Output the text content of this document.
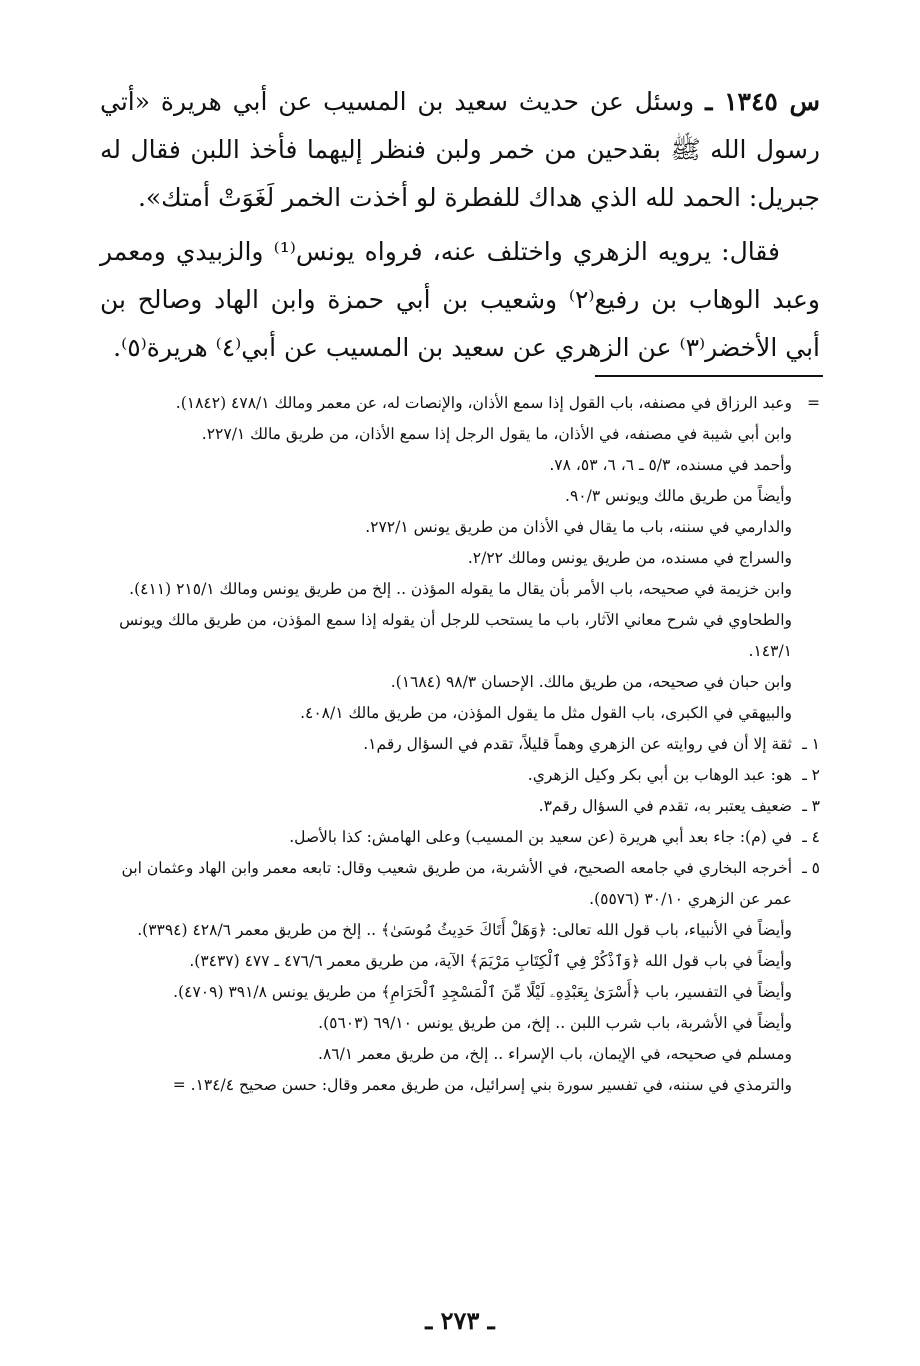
س ١٣٤٥ ـ وسئل عن حديث سعيد بن المسيب عن أبي هريرة «أتي رسول الله ﷺ بقدحين من خمر ولبن فنظر إليهما فأخذ اللبن فقال له جبريل: الحمد لله الذي هداك للفطرة لو أخذت الخمر لَغَوَتْ أمتك».

فقال: يرويه الزهري واختلف عنه، فرواه يونس⁽¹⁾ والزبيدي ومعمر وعبد الوهاب بن رفيع⁽٢⁾ وشعيب بن أبي حمزة وابن الهاد وصالح بن أبي الأخضر⁽٣⁾ عن الزهري عن سعيد بن المسيب عن أبي⁽٤⁾ هريرة⁽٥⁾.

=
وعبد الرزاق في مصنفه، باب القول إذا سمع الأذان، والإنصات له، عن معمر ومالك ٤٧٨/١ (١٨٤٢).

وابن أبي شيبة في مصنفه، في الأذان، ما يقول الرجل إذا سمع الأذان، من طريق مالك ٢٢٧/١.

وأحمد في مسنده، ٥/٣ ـ ٦، ٦، ٥٣، ٧٨.

وأيضاً من طريق مالك ويونس ٩٠/٣.

والدارمي في سننه، باب ما يقال في الأذان من طريق يونس ٢٧٢/١.

والسراج في مسنده، من طريق يونس ومالك ٢/٢٢.

وابن خزيمة في صحيحه، باب الأمر بأن يقال ما يقوله المؤذن .. إلخ من طريق يونس ومالك ٢١٥/١ (٤١١).

والطحاوي في شرح معاني الآثار، باب ما يستحب للرجل أن يقوله إذا سمع المؤذن، من طريق مالك ويونس ١٤٣/١.

وابن حبان في صحيحه، من طريق مالك. الإحسان ٩٨/٣ (١٦٨٤).

والبيهقي في الكبرى، باب القول مثل ما يقول المؤذن، من طريق مالك ٤٠٨/١.

١ ـ
ثقة إلا أن في روايته عن الزهري وهماً قليلاً، تقدم في السؤال رقم١.
٢ ـ
هو: عبد الوهاب بن أبي بكر وكيل الزهري.
٣ ـ
ضعيف يعتبر به، تقدم في السؤال رقم٣.
٤ ـ
في (م): جاء بعد أبي هريرة (عن سعيد بن المسيب) وعلى الهامش: كذا بالأصل.
٥ ـ
أخرجه البخاري في جامعه الصحيح، في الأشربة، من طريق شعيب وقال: تابعه معمر وابن الهاد وعثمان ابن عمر عن الزهري ٣٠/١٠ (٥٥٧٦).

وأيضاً في الأنبياء، باب قول الله تعالى: ﴿وَهَلْ أَتَاكَ حَدِيثُ مُوسَىٰ﴾ .. إلخ من طريق معمر ٤٢٨/٦ (٣٣٩٤).

وأيضاً في باب قول الله ﴿وَٱذْكُرْ فِي ٱلْكِتَابِ مَرْيَمَ﴾ الآية، من طريق معمر ٤٧٦/٦ ـ ٤٧٧ (٣٤٣٧).

وأيضاً في التفسير، باب ﴿أَسْرَىٰ بِعَبْدِهِۦ لَيْلًا مِّنَ ٱلْمَسْجِدِ ٱلْحَرَامِ﴾ من طريق يونس ٣٩١/٨ (٤٧٠٩).

وأيضاً في الأشربة، باب شرب اللبن .. إلخ، من طريق يونس ٦٩/١٠ (٥٦٠٣).

ومسلم في صحيحه، في الإيمان، باب الإسراء .. إلخ، من طريق معمر ٨٦/١.

والترمذي في سننه، في تفسير سورة بني إسرائيل، من طريق معمر وقال: حسن صحيح ١٣٤/٤. =

ـ ٢٧٣ ـ
